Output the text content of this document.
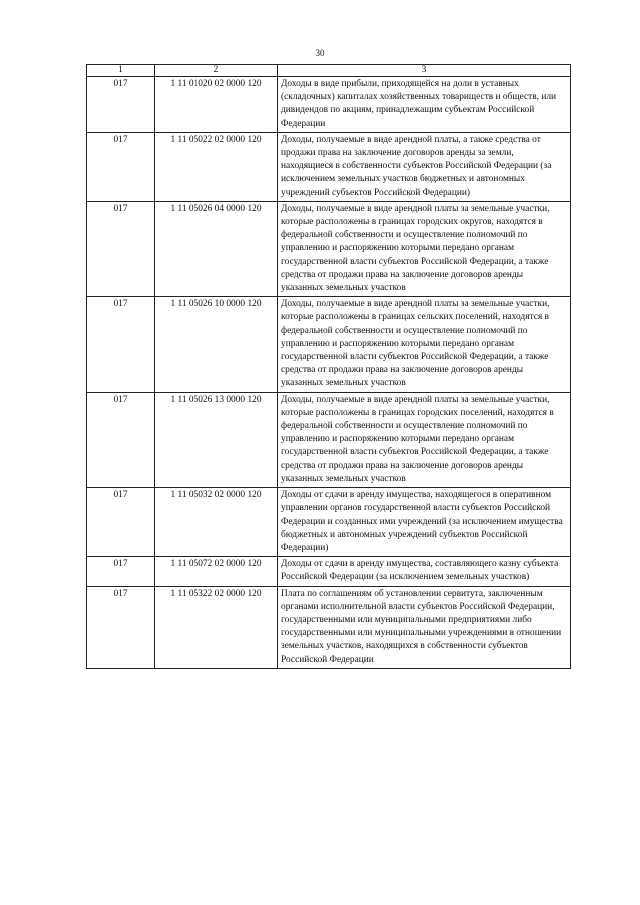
30
1	2	3
017	1 11 01020 02 0000 120	Доходы в виде прибыли, приходящейся на доли в уставных (складочных) капиталах хозяйственных товариществ и обществ, или дивидендов по акциям, принадлежащим субъектам Российской Федерации
017	1 11 05022 02 0000 120	Доходы, получаемые в виде арендной платы, а также средства от продажи права на заключение договоров аренды за земли, находящиеся в собственности субъектов Российской Федерации (за исключением земельных участков бюджетных и автономных учреждений субъектов Российской Федерации)
017	1 11 05026 04 0000 120	Доходы, получаемые в виде арендной платы за земельные участки, которые расположены в границах городских округов, находятся в федеральной собственности и осуществление полномочий по управлению и распоряжению которыми передано органам государственной власти субъектов Российской Федерации, а также средства от продажи права на заключение договоров аренды указанных земельных участков
017	1 11 05026 10 0000 120	Доходы, получаемые в виде арендной платы за земельные участки, которые расположены в границах сельских поселений, находятся в федеральной собственности и осуществление полномочий по управлению и распоряжению которыми передано органам государственной власти субъектов Российской Федерации, а также средства от продажи права на заключение договоров аренды указанных земельных участков
017	1 11 05026 13 0000 120	Доходы, получаемые в виде арендной платы за земельные участки, которые расположены в границах городских поселений, находятся в федеральной собственности и осуществление полномочий по управлению и распоряжению которыми передано органам государственной власти субъектов Российской Федерации, а также средства от продажи права на заключение договоров аренды указанных земельных участков
017	1 11 05032 02 0000 120	Доходы от сдачи в аренду имущества, находящегося в оперативном управлении органов государственной власти субъектов Российской Федерации и созданных ими учреждений (за исключением имущества бюджетных и автономных учреждений субъектов Российской Федерации)
017	1 11 05072 02 0000 120	Доходы от сдачи в аренду имущества, составляющего казну субъекта Российской Федерации (за исключением земельных участков)
017	1 11 05322 02 0000 120	Плата по соглашениям об установлении сервитута, заключенным органами исполнительной власти субъектов Российской Федерации, государственными или муниципальными предприятиями либо государственными или муниципальными учреждениями в отношении земельных участков, находящихся в собственности субъектов Российской Федерации
